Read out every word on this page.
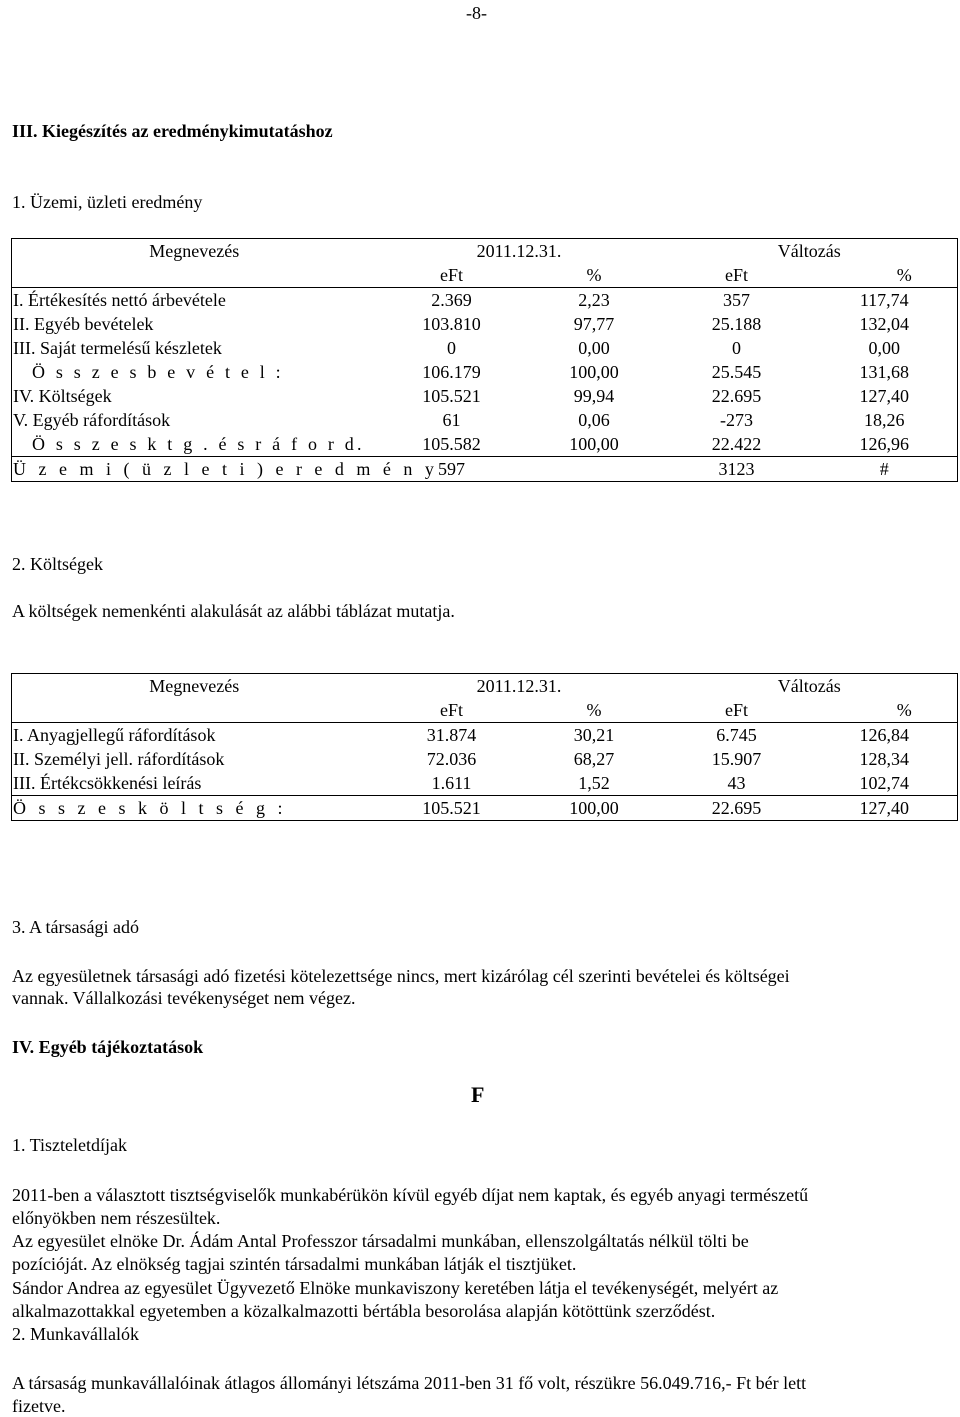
-8-
III. Kiegészítés az eredménykimutatáshoz
1. Üzemi, üzleti eredmény
Megnevezés	2011.12.31.		Változás	
	eFt	%	eFt	%
I. Értékesítés nettó árbevétele	2.369	2,23	357	117,74
II. Egyéb bevételek	103.810	97,77	25.188	132,04
III. Saját termelésű készletek	0	0,00	0	0,00
Ö s s z e s b e v é t e l :	106.179	100,00	25.545	131,68
IV. Költségek	105.521	99,94	22.695	127,40
V. Egyéb ráfordítások	61	0,06	-273	18,26
Ö s s z e s k t g . é s r á f o r d.	105.582	100,00	22.422	126,96
Ü z e m i ( ü z l e t i ) e r e d m é n y	597		3123	#
2. Költségek
A költségek nemenkénti alakulását az alábbi táblázat mutatja.
Megnevezés	2011.12.31.		Változás	
	eFt	%	eFt	%
I. Anyagjellegű ráfordítások	31.874	30,21	6.745	126,84
II. Személyi jell. ráfordítások	72.036	68,27	15.907	128,34
III. Értékcsökkenési leírás	1.611	1,52	43	102,74
Ö s s z e s k ö l t s é g :	105.521	100,00	22.695	127,40
3. A társasági adó
Az egyesületnek társasági adó fizetési kötelezettsége nincs, mert kizárólag cél szerinti bevételei és költségei
vannak. Vállalkozási tevékenységet nem végez.
IV. Egyéb tájékoztatások
F
1. Tiszteletdíjak
2011-ben a választott tisztségviselők munkabérükön kívül egyéb díjat nem kaptak, és egyéb anyagi természetű
előnyökben nem részesültek.
Az egyesület elnöke Dr. Ádám Antal Professzor társadalmi munkában, ellenszolgáltatás nélkül tölti be
pozícióját. Az elnökség tagjai szintén társadalmi munkában látják el tisztjüket.
Sándor Andrea az egyesület Ügyvezető Elnöke munkaviszony keretében látja el tevékenységét, melyért az
alkalmazottakkal egyetemben a közalkalmazotti bértábla besorolása alapján kötöttünk szerződést.
2. Munkavállalók
A társaság munkavállalóinak átlagos állományi létszáma 2011-ben 31 fő volt, részükre 56.049.716,- Ft bér lett
fizetve.
